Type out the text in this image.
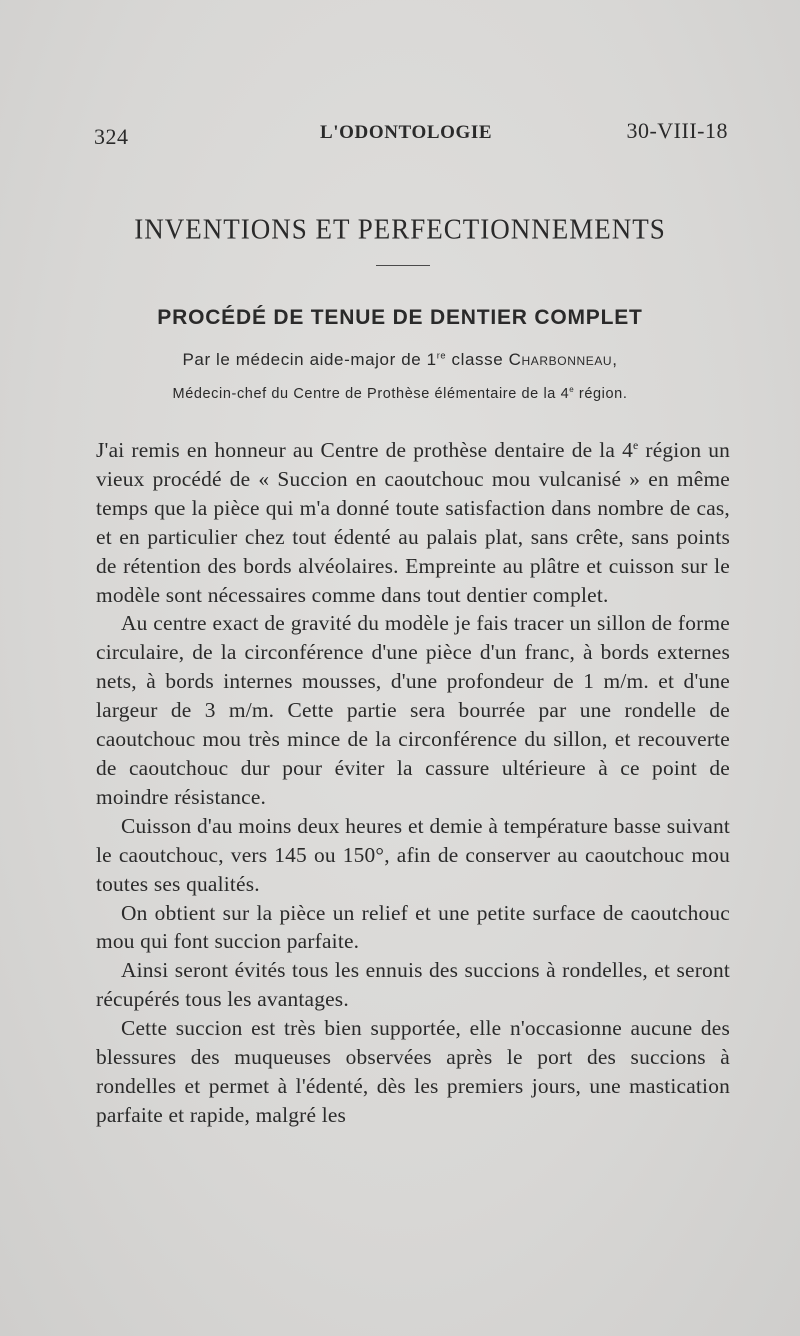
324	L'ODONTOLOGIE	30-VIII-18
INVENTIONS ET PERFECTIONNEMENTS
PROCÉDÉ DE TENUE DE DENTIER COMPLET
Par le médecin aide-major de 1re classe Charbonneau,
Médecin-chef du Centre de Prothèse élémentaire de la 4e région.

J'ai remis en honneur au Centre de prothèse dentaire de la 4e région un vieux procédé de « Succion en caoutchouc mou vulcanisé » en même temps que la pièce qui m'a donné toute satisfaction dans nombre de cas, et en particulier chez tout édenté au palais plat, sans crête, sans points de rétention des bords alvéolaires. Empreinte au plâtre et cuisson sur le modèle sont nécessaires comme dans tout dentier complet.

Au centre exact de gravité du modèle je fais tracer un sillon de forme circulaire, de la circonférence d'une pièce d'un franc, à bords externes nets, à bords internes mousses, d'une profondeur de 1 m/m. et d'une largeur de 3 m/m. Cette partie sera bourrée par une rondelle de caoutchouc mou très mince de la circonférence du sillon, et recouverte de caoutchouc dur pour éviter la cassure ultérieure à ce point de moindre résistance.

Cuisson d'au moins deux heures et demie à température basse suivant le caoutchouc, vers 145 ou 150°, afin de conserver au caoutchouc mou toutes ses qualités.

On obtient sur la pièce un relief et une petite surface de caoutchouc mou qui font succion parfaite.

Ainsi seront évités tous les ennuis des succions à rondelles, et seront récupérés tous les avantages.

Cette succion est très bien supportée, elle n'occasionne aucune des blessures des muqueuses observées après le port des succions à rondelles et permet à l'édenté, dès les premiers jours, une mastication parfaite et rapide, malgré les
